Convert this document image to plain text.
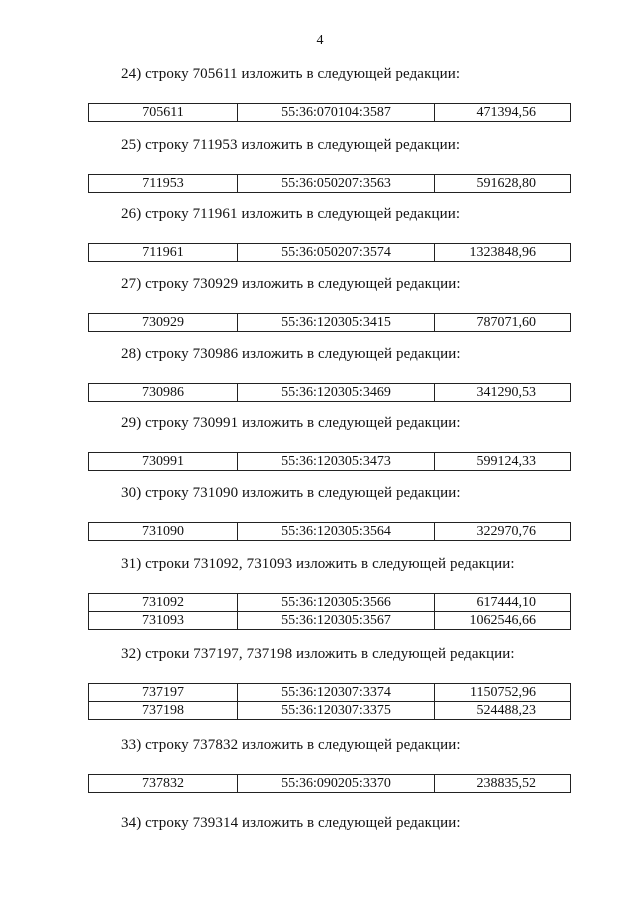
4
24) строку 705611 изложить в следующей редакции:
705611	55:36:070104:3587	471394,56
25) строку 711953 изложить в следующей редакции:
711953	55:36:050207:3563	591628,80
26) строку 711961 изложить в следующей редакции:
711961	55:36:050207:3574	1323848,96
27) строку 730929 изложить в следующей редакции:
730929	55:36:120305:3415	787071,60
28) строку 730986 изложить в следующей редакции:
730986	55:36:120305:3469	341290,53
29) строку 730991 изложить в следующей редакции:
730991	55:36:120305:3473	599124,33
30) строку 731090 изложить в следующей редакции:
731090	55:36:120305:3564	322970,76
31) строки 731092, 731093 изложить в следующей редакции:
731092	55:36:120305:3566	617444,10
731093	55:36:120305:3567	1062546,66
32) строки 737197, 737198 изложить в следующей редакции:
737197	55:36:120307:3374	1150752,96
737198	55:36:120307:3375	524488,23
33) строку 737832 изложить в следующей редакции:
737832	55:36:090205:3370	238835,52
34) строку 739314 изложить в следующей редакции:
